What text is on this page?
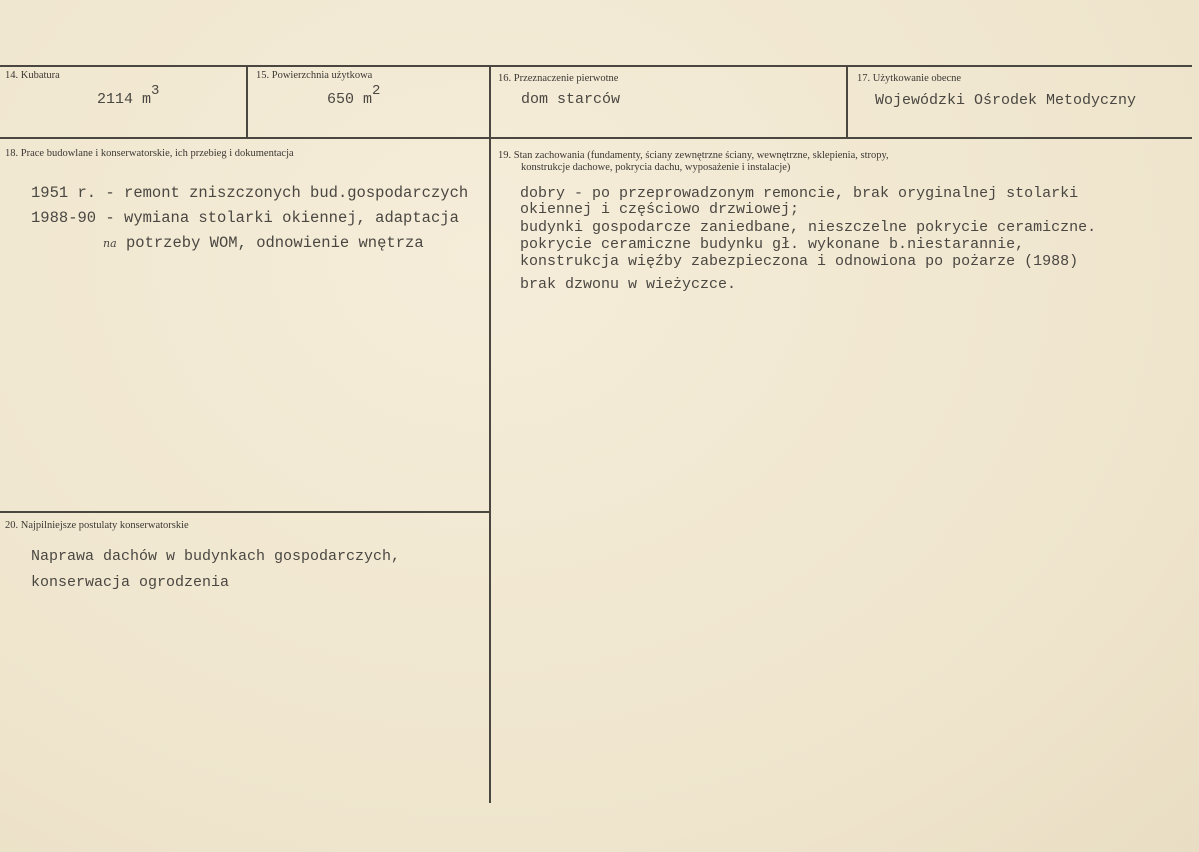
14. Kubatura
2114 m3
15. Powierzchnia użytkowa
650 m2
16. Przeznaczenie pierwotne
dom starców
17. Użytkowanie obecne
Wojewódzki Ośrodek Metodyczny
18. Prace budowlane i konserwatorskie, ich przebieg i dokumentacja
1951 r. - remont zniszczonych bud.gospodarczych
1988-90 - wymiana stolarki okiennej, adaptacja
na potrzeby WOM, odnowienie wnętrza
19. Stan zachowania (fundamenty, ściany zewnętrzne ściany, wewnętrzne, sklepienia, stropy,
konstrukcje dachowe, pokrycia dachu, wyposażenie i instalacje)
dobry - po przeprowadzonym remoncie, brak oryginalnej stolarki
okiennej i częściowo drzwiowej;
budynki gospodarcze zaniedbane, nieszczelne pokrycie ceramiczne.
pokrycie ceramiczne budynku gł. wykonane b.niestarannie,
konstrukcja więźby zabezpieczona i odnowiona po pożarze (1988)
brak dzwonu w wieżyczce.
20. Najpilniejsze postulaty konserwatorskie
Naprawa dachów w budynkach gospodarczych,
konserwacja ogrodzenia
